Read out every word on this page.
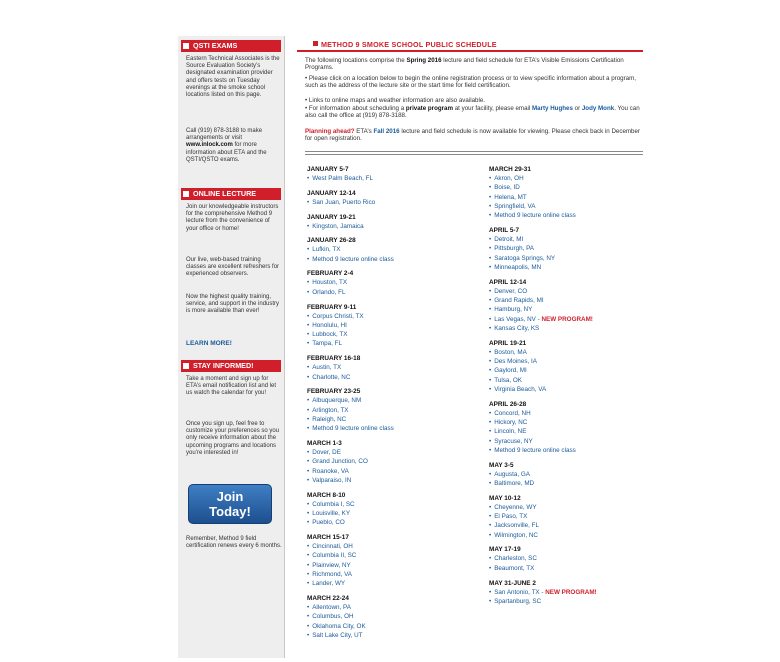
QSTI EXAMS
Eastern Technical Associates is the Source Evaluation Society’s designated examination provider and offers tests on Tuesday evenings at the smoke school locations listed on this page.
Call (919) 878-3188 to make arrangements or visit www.inlock.com for more information about ETA and the QSTI/QSTO exams.
ONLINE LECTURE
Join our knowledgeable instructors for the comprehensive Method 9 lecture from the convenience of your office or home!
Our live, web-based training classes are excellent refreshers for experienced observers.
Now the highest quality training, service, and support in the industry is more available than ever!
LEARN MORE!
STAY INFORMED!
Take a moment and sign up for ETA’s email notification list and let us watch the calendar for you!
Once you sign up, feel free to customize your preferences so you only receive information about the upcoming programs and locations you’re interested in!
Join
Today!
Remember, Method 9 field certification renews every 6 months.
METHOD 9 SMOKE SCHOOL PUBLIC SCHEDULE
The following locations comprise the Spring 2016 lecture and field schedule for ETA’s Visible Emissions Certification Programs.
• Please click on a location below to begin the online registration process or to view specific information about a program, such as the address of the lecture site or the start time for field certification.
• Links to online maps and weather information are also available.
• For information about scheduling a private program at your facility, please email Marty Hughes or Jody Monk. You can also call the office at (919) 878-3188.
Planning ahead? ETA’s Fall 2016 lecture and field schedule is now available for viewing. Please check back in December for open registration.
JANUARY 5-7
• West Palm Beach, FL
JANUARY 12-14
• San Juan, Puerto Rico
JANUARY 19-21
• Kingston, Jamaica
JANUARY 26-28
• Lufkin, TX
• Method 9 lecture online class
FEBRUARY 2-4
• Houston, TX
• Orlando, FL
FEBRUARY 9-11
• Corpus Christi, TX
• Honolulu, HI
• Lubbock, TX
• Tampa, FL
FEBRUARY 16-18
• Austin, TX
• Charlotte, NC
FEBRUARY 23-25
• Albuquerque, NM
• Arlington, TX
• Raleigh, NC
• Method 9 lecture online class
MARCH 1-3
• Dover, DE
• Grand Junction, CO
• Roanoke, VA
• Valparaiso, IN
MARCH 8-10
• Columbia I, SC
• Louisville, KY
• Pueblo, CO
MARCH 15-17
• Cincinnati, OH
• Columbia II, SC
• Plainview, NY
• Richmond, VA
• Lander, WY
MARCH 22-24
• Allentown, PA
• Columbus, OH
• Oklahoma City, OK
• Salt Lake City, UT
MARCH 29-31
• Akron, OH
• Boise, ID
• Helena, MT
• Springfield, VA
• Method 9 lecture online class
APRIL 5-7
• Detroit, MI
• Pittsburgh, PA
• Saratoga Springs, NY
• Minneapolis, MN
APRIL 12-14
• Denver, CO
• Grand Rapids, MI
• Hamburg, NY
• Las Vegas, NV - NEW PROGRAM!
• Kansas City, KS
APRIL 19-21
• Boston, MA
• Des Moines, IA
• Gaylord, MI
• Tulsa, OK
• Virginia Beach, VA
APRIL 26-28
• Concord, NH
• Hickory, NC
• Lincoln, NE
• Syracuse, NY
• Method 9 lecture online class
MAY 3-5
• Augusta, GA
• Baltimore, MD
MAY 10-12
• Cheyenne, WY
• El Paso, TX
• Jacksonville, FL
• Wilmington, NC
MAY 17-19
• Charleston, SC
• Beaumont, TX
MAY 31-JUNE 2
• San Antonio, TX - NEW PROGRAM!
• Spartanburg, SC
